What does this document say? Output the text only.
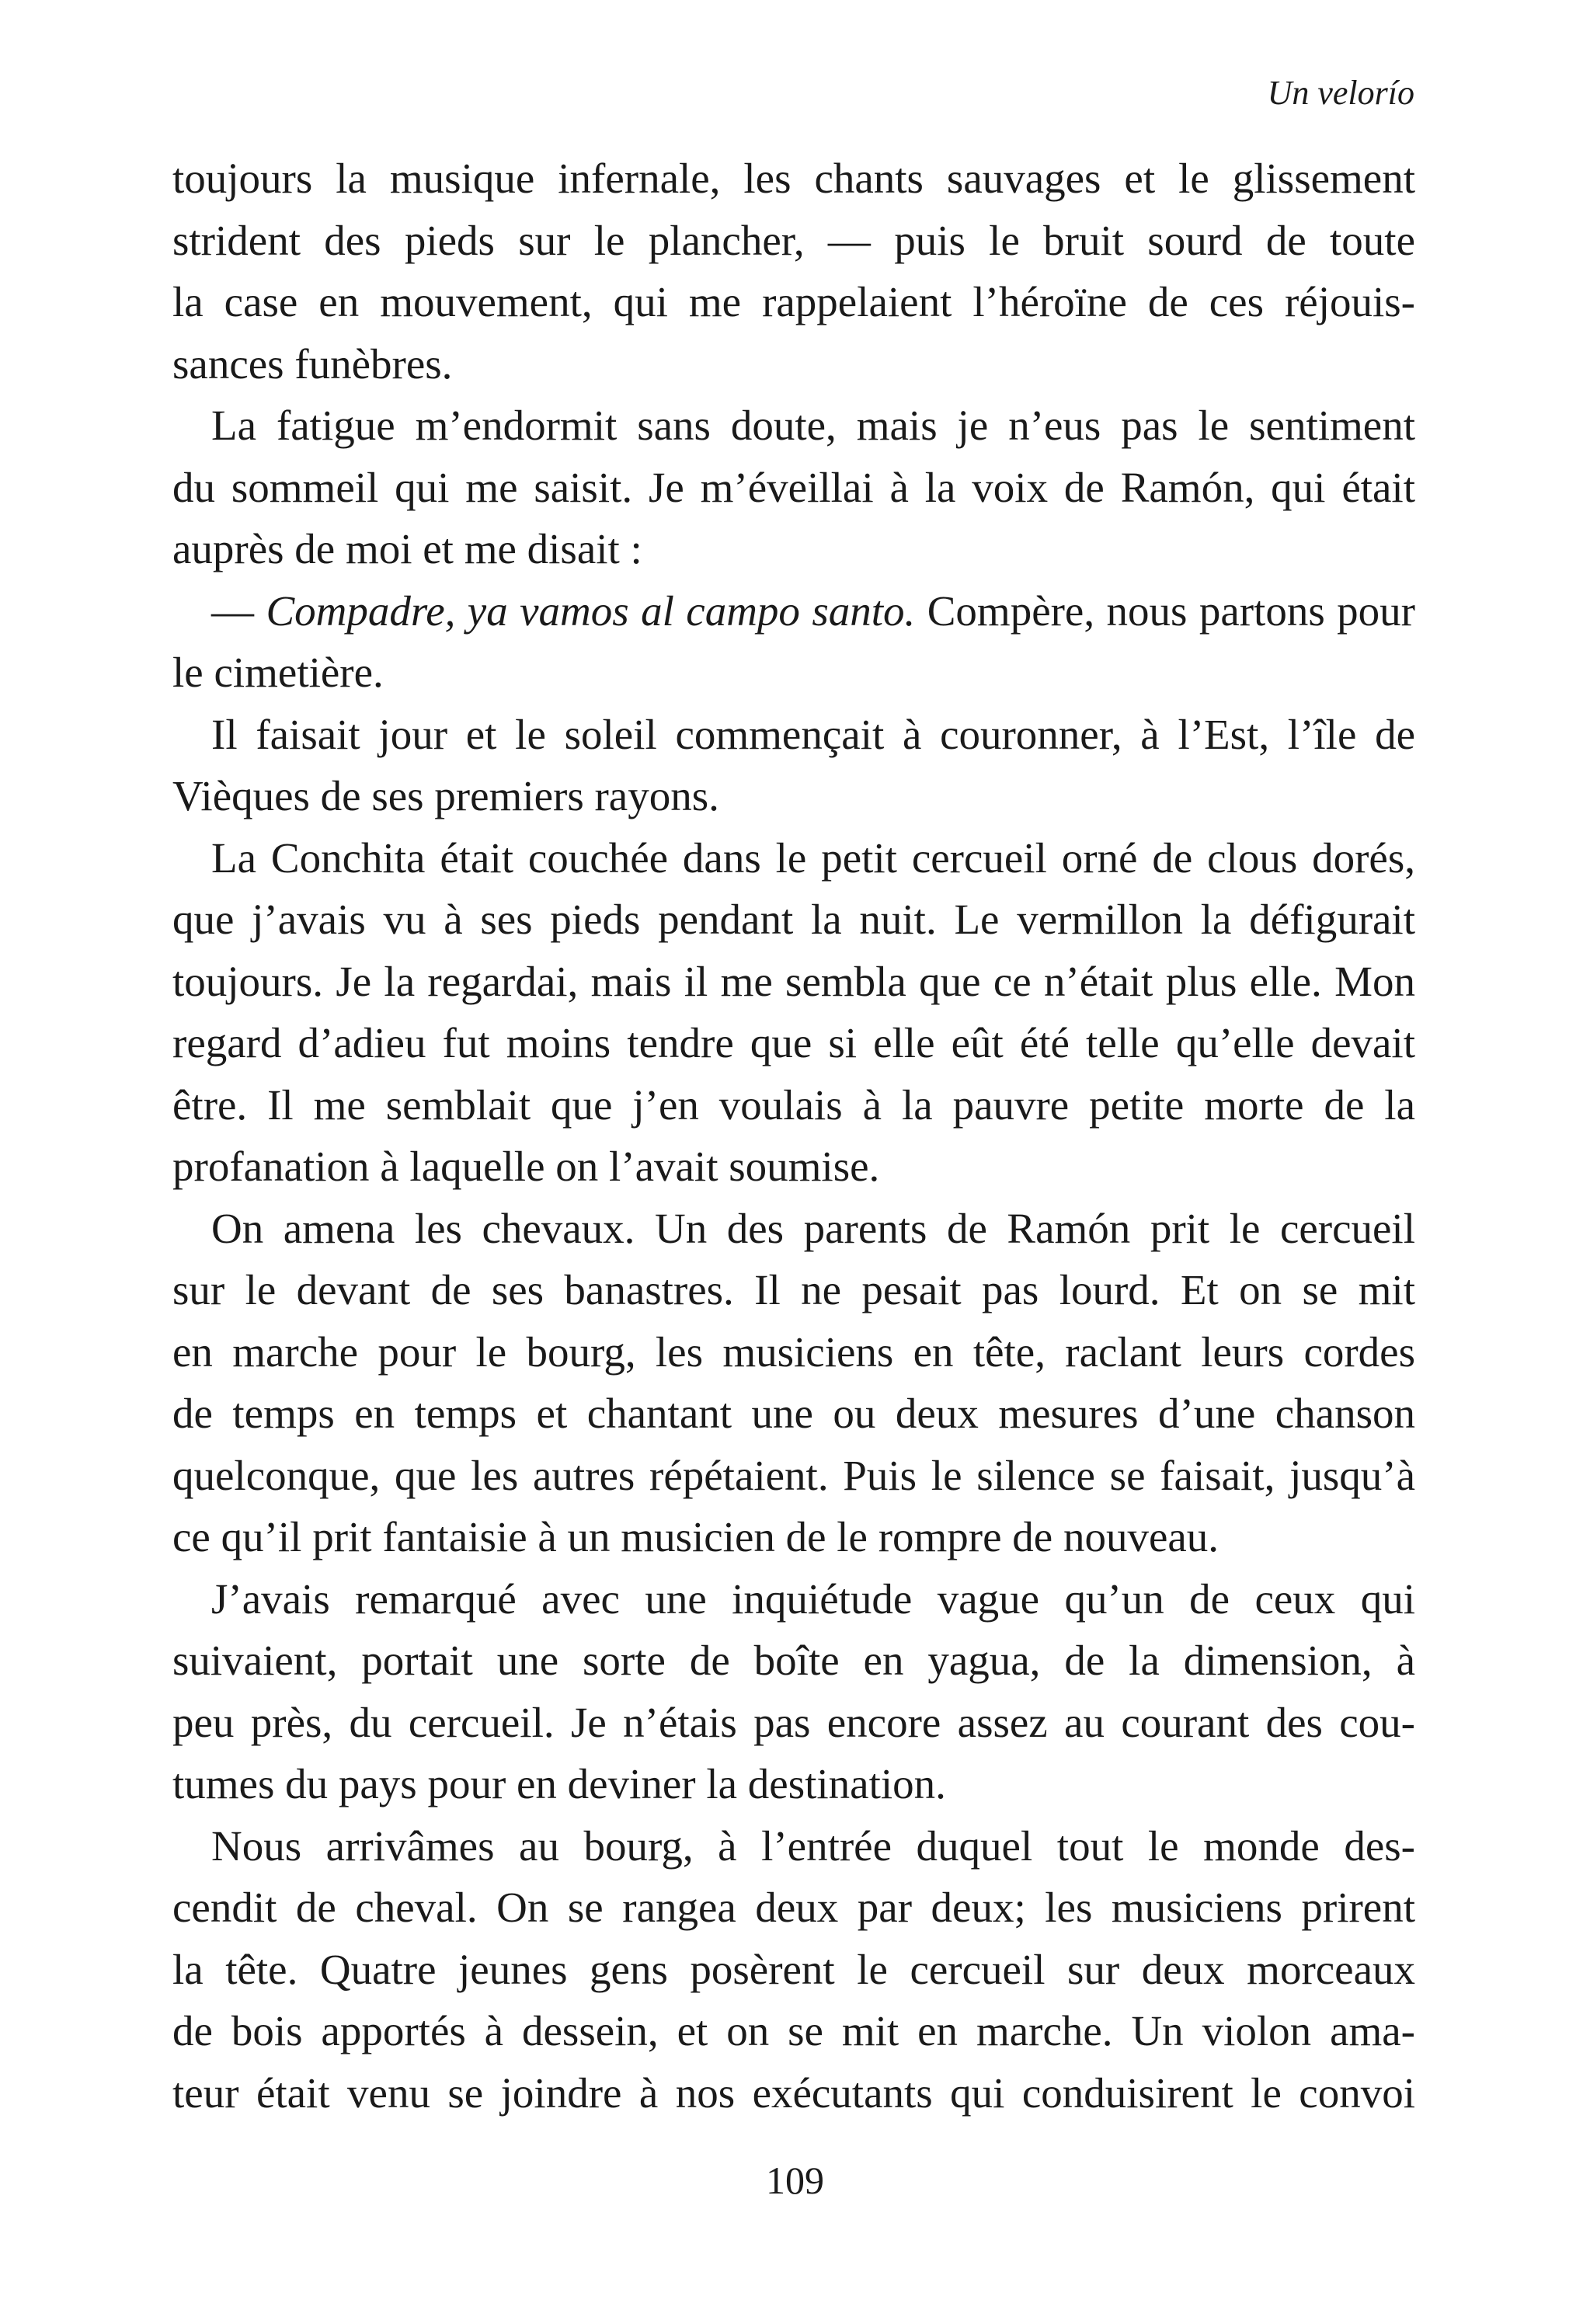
Un velorío
toujours la musique infernale, les chants sauvages et le glissement
strident des pieds sur le plancher, — puis le bruit sourd de toute
la case en mouvement, qui me rappelaient l’héroïne de ces réjouis-
sances funèbres.
La fatigue m’endormit sans doute, mais je n’eus pas le sentiment
du sommeil qui me saisit. Je m’éveillai à la voix de Ramón, qui était
auprès de moi et me disait :
— Compadre, ya vamos al campo santo. Compère, nous partons pour
le cimetière.
Il faisait jour et le soleil commençait à couronner, à l’Est, l’île de
Vièques de ses premiers rayons.
La Conchita était couchée dans le petit cercueil orné de clous dorés,
que j’avais vu à ses pieds pendant la nuit. Le vermillon la défigurait
toujours. Je la regardai, mais il me sembla que ce n’était plus elle. Mon
regard d’adieu fut moins tendre que si elle eût été telle qu’elle devait
être. Il me semblait que j’en voulais à la pauvre petite morte de la
profanation à laquelle on l’avait soumise.
On amena les chevaux. Un des parents de Ramón prit le cercueil
sur le devant de ses banastres. Il ne pesait pas lourd. Et on se mit
en marche pour le bourg, les musiciens en tête, raclant leurs cordes
de temps en temps et chantant une ou deux mesures d’une chanson
quelconque, que les autres répétaient. Puis le silence se faisait, jusqu’à
ce qu’il prit fantaisie à un musicien de le rompre de nouveau.
J’avais remarqué avec une inquiétude vague qu’un de ceux qui
suivaient, portait une sorte de boîte en yagua, de la dimension, à
peu près, du cercueil. Je n’étais pas encore assez au courant des cou-
tumes du pays pour en deviner la destination.
Nous arrivâmes au bourg, à l’entrée duquel tout le monde des-
cendit de cheval. On se rangea deux par deux; les musiciens prirent
la tête. Quatre jeunes gens posèrent le cercueil sur deux morceaux
de bois apportés à dessein, et on se mit en marche. Un violon ama-
teur était venu se joindre à nos exécutants qui conduisirent le convoi
109
